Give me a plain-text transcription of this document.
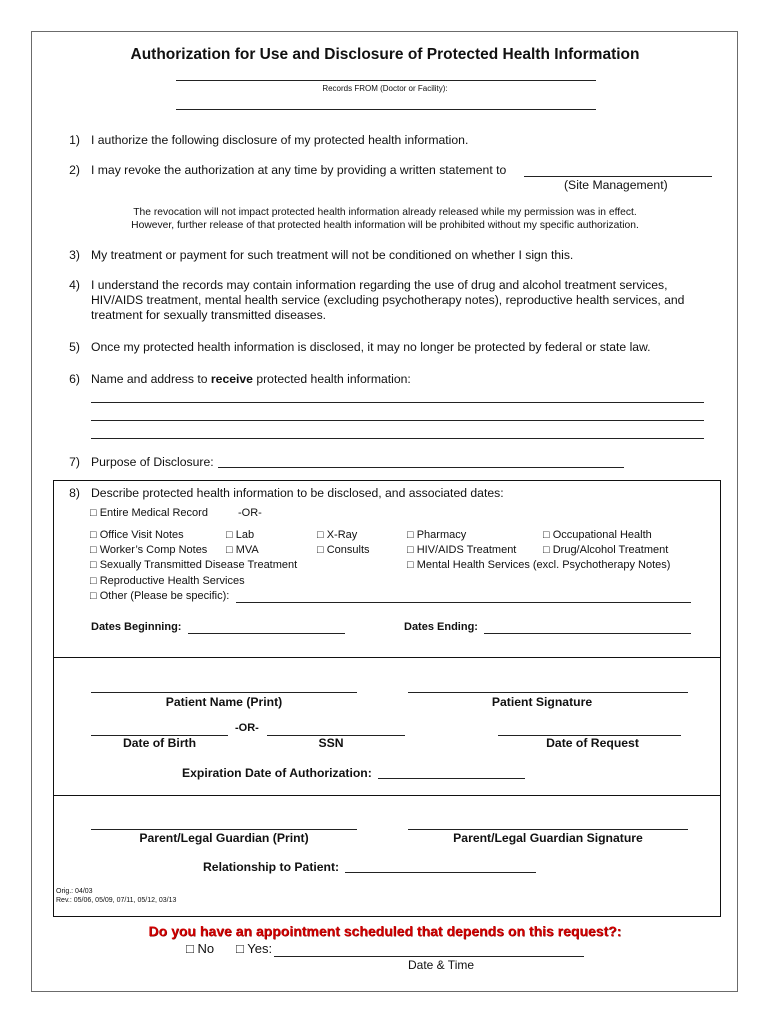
Authorization for Use and Disclosure of Protected Health Information
Records FROM (Doctor or Facility):
1) I authorize the following disclosure of my protected health information.
2) I may revoke the authorization at any time by providing a written statement to
(Site Management)
The revocation will not impact protected health information already released while my permission was in effect.
However, further release of that protected health information will be prohibited without my specific authorization.
3) My treatment or payment for such treatment will not be conditioned on whether I sign this.
4) I understand the records may contain information regarding the use of drug and alcohol treatment services,
HIV/AIDS treatment, mental health service (excluding psychotherapy notes), reproductive health services, and
treatment for sexually transmitted diseases.
5) Once my protected health information is disclosed, it may no longer be protected by federal or state law.
6) Name and address to receive protected health information:
7) Purpose of Disclosure:
8) Describe protected health information to be disclosed, and associated dates:
□ Entire Medical Record	-OR-
□ Office Visit Notes	□ Lab	□ X-Ray	□ Pharmacy	□ Occupational Health
□ Worker’s Comp Notes □ MVA	□ Consults	□ HIV/AIDS Treatment □ Drug/Alcohol Treatment
□ Sexually Transmitted Disease Treatment	□ Mental Health Services (excl. Psychotherapy Notes)
□ Reproductive Health Services
□ Other (Please be specific):
Dates Beginning:	Dates Ending:
Patient Name (Print)	Patient Signature
-OR-
Date of Birth	SSN	Date of Request
Expiration Date of Authorization:
Parent/Legal Guardian (Print)	Parent/Legal Guardian Signature
Relationship to Patient:
Orig.: 04/03
Rev.: 05/06, 05/09, 07/11, 05/12, 03/13
Do you have an appointment scheduled that depends on this request?:
□ No □ Yes:
Date & Time
